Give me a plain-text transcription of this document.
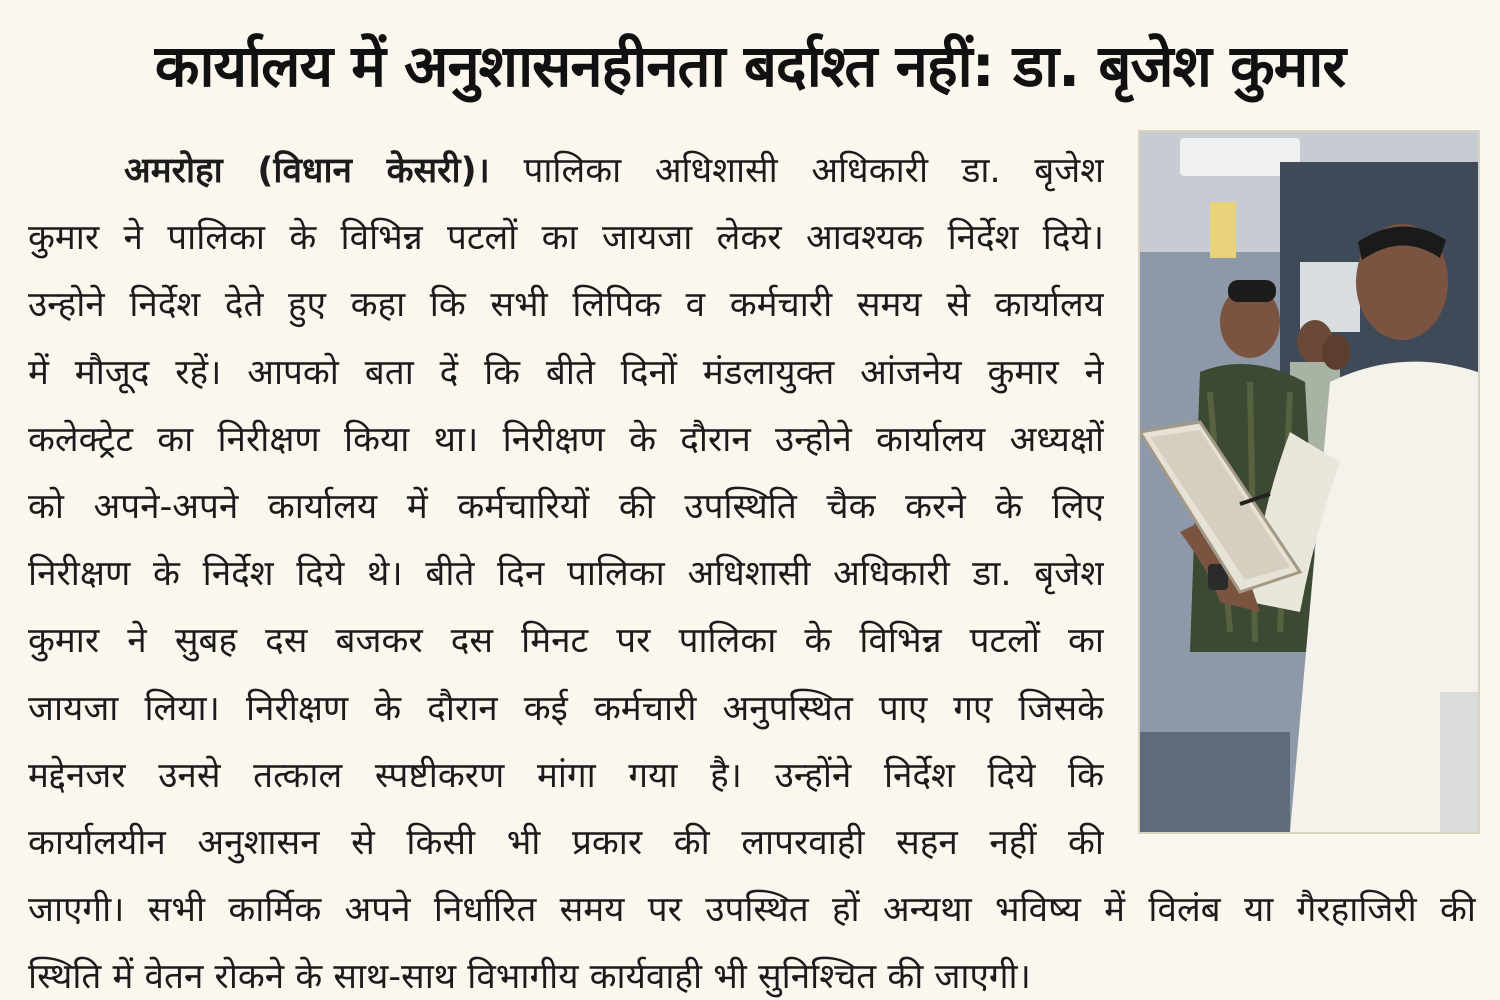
कार्यालय में अनुशासनहीनता बर्दाश्त नहीं: डा. बृजेश कुमार
अमरोहा (विधान केसरी)। पालिका अधिशासी अधिकारी डा. बृजेश
कुमार ने पालिका के विभिन्न पटलों का जायजा लेकर आवश्यक निर्देश दिये।
उन्होने निर्देश देते हुए कहा कि सभी लिपिक व कर्मचारी समय से कार्यालय
में मौजूद रहें। आपको बता दें कि बीते दिनों मंडलायुक्त आंजनेय कुमार ने
कलेक्ट्रेट का निरीक्षण किया था। निरीक्षण के दौरान उन्होने कार्यालय अध्यक्षों
को अपने-अपने कार्यालय में कर्मचारियों की उपस्थिति चैक करने के लिए
निरीक्षण के निर्देश दिये थे। बीते दिन पालिका अधिशासी अधिकारी डा. बृजेश
कुमार ने सुबह दस बजकर दस मिनट पर पालिका के विभिन्न पटलों का
जायजा लिया। निरीक्षण के दौरान कई कर्मचारी अनुपस्थित पाए गए जिसके
मद्देनजर उनसे तत्काल स्पष्टीकरण मांगा गया है। उन्होंने निर्देश दिये कि
कार्यालयीन अनुशासन से किसी भी प्रकार की लापरवाही सहन नहीं की
जाएगी। सभी कार्मिक अपने निर्धारित समय पर उपस्थित हों अन्यथा भविष्य में विलंब या गैरहाजिरी की
स्थिति में वेतन रोकने के साथ-साथ विभागीय कार्यवाही भी सुनिश्चित की जाएगी।
